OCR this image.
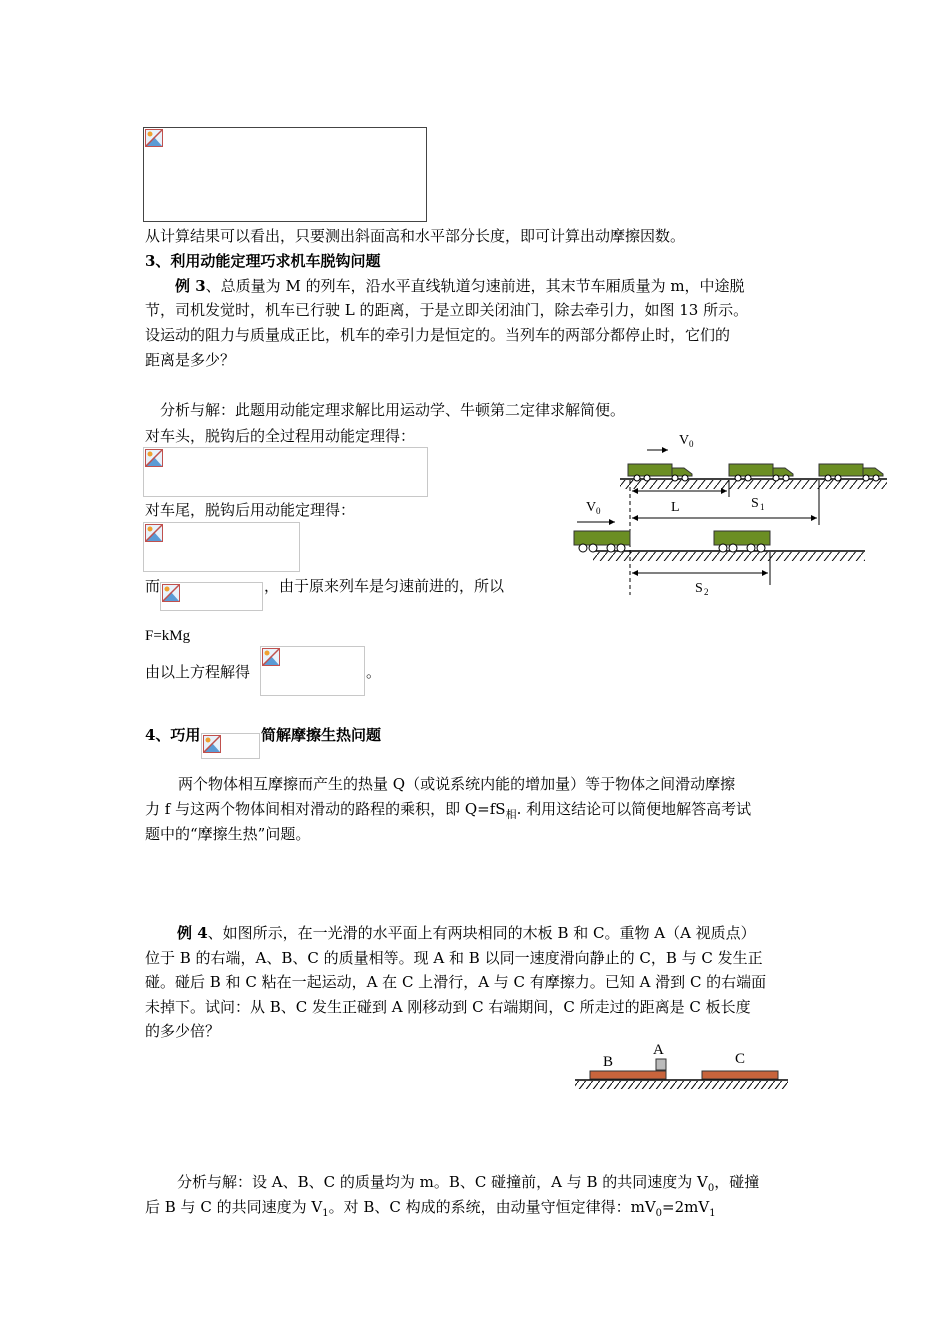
从计算结果可以看出，只要测出斜面高和水平部分长度，即可计算出动摩擦因数。
3、利用动能定理巧求机车脱钩问题
例 3、总质量为 M 的列车，沿水平直线轨道匀速前进，其末节车厢质量为 m，中途脱
节，司机发觉时，机车已行驶 L 的距离，于是立即关闭油门，除去牵引力，如图 13 所示。
设运动的阻力与质量成正比，机车的牵引力是恒定的。当列车的两部分都停止时，它们的
距离是多少？
分析与解：此题用动能定理求解比用运动学、牛顿第二定律求解简便。
对车头，脱钩后的全过程用动能定理得：
对车尾，脱钩后用动能定理得：
而	，由于原来列车是匀速前进的，所以
F=kMg
由以上方程解得	。
4、巧用	简解摩擦生热问题
两个物体相互摩擦而产生的热量 Q（或说系统内能的增加量）等于物体之间滑动摩擦
力 f 与这两个物体间相对滑动的路程的乘积，即 $Q=fS_相$. 利用这结论可以简便地解答高考试
题中的“摩擦生热”问题。
例 4、如图所示，在一光滑的水平面上有两块相同的木板 B 和 C。重物 A（A 视质点）
位于 B 的右端，A、B、C 的质量相等。现 A 和 B 以同一速度滑向静止的 C，B 与 C 发生正
碰。碰后 B 和 C 粘在一起运动，A 在 C 上滑行，A 与 C 有摩擦力。已知 A 滑到 C 的右端面
未掉下。试问：从 B、C 发生正碰到 A 刚移动到 C 右端期间，C 所走过的距离是 C 板长度
的多少倍？
分析与解：设 A、B、C 的质量均为 m。B、C 碰撞前，A 与 B 的共同速度为 $V_0$，碰撞
后 B 与 C 的共同速度为 $V_1$。对 B、C 构成的系统，由动量守恒定律得：$mV_0=2mV_1$
V 0
L	S 1
V 0
S 2
B
A
C
